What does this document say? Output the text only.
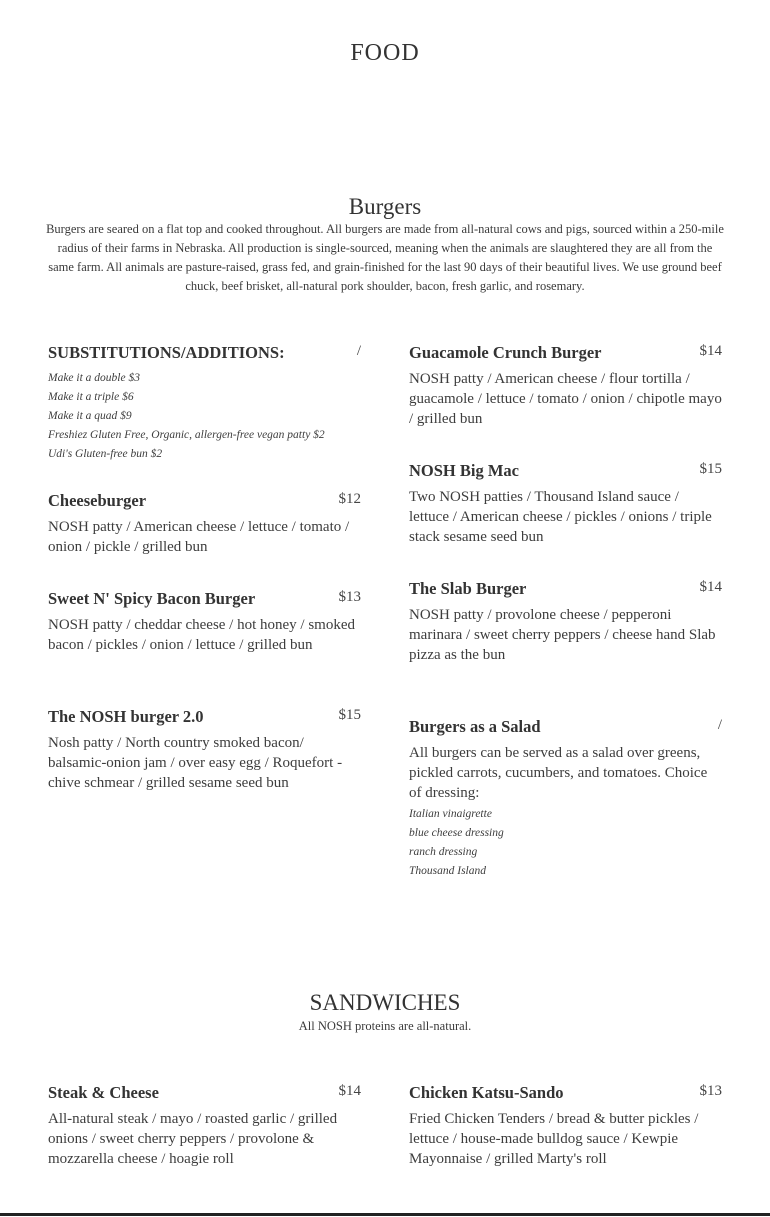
FOOD
Burgers
Burgers are seared on a flat top and cooked throughout. All burgers are made from all-natural cows and pigs, sourced within a 250-mile radius of their farms in Nebraska. All production is single-sourced, meaning when the animals are slaughtered they are all from the same farm. All animals are pasture-raised, grass fed, and grain-finished for the last 90 days of their beautiful lives. We use ground beef chuck, beef brisket, all-natural pork shoulder, bacon, fresh garlic, and rosemary.
SUBSTITUTIONS/ADDITIONS:	/
Make it a double $3
Make it a triple $6
Make it a quad $9
Freshiez Gluten Free, Organic, allergen-free vegan patty $2
Udi's Gluten-free bun $2
Cheeseburger	$12
NOSH patty / American cheese / lettuce / tomato / onion / pickle / grilled bun
Sweet N' Spicy Bacon Burger	$13
NOSH patty / cheddar cheese / hot honey / smoked bacon / pickles / onion / lettuce / grilled bun
The NOSH burger 2.0	$15
Nosh patty / North country smoked bacon/ balsamic-onion jam / over easy egg / Roquefort - chive schmear / grilled sesame seed bun
Guacamole Crunch Burger	$14
NOSH patty / American cheese / flour tortilla / guacamole / lettuce / tomato / onion / chipotle mayo / grilled bun
NOSH Big Mac	$15
Two NOSH patties / Thousand Island sauce / lettuce / American cheese / pickles / onions / triple stack sesame seed bun
The Slab Burger	$14
NOSH patty / provolone cheese / pepperoni marinara / sweet cherry peppers / cheese hand Slab pizza as the bun
Burgers as a Salad	/
All burgers can be served as a salad over greens, pickled carrots, cucumbers, and tomatoes. Choice of dressing:
Italian vinaigrette
blue cheese dressing
ranch dressing
Thousand Island
SANDWICHES
All NOSH proteins are all-natural.
Steak & Cheese	$14
All-natural steak / mayo / roasted garlic / grilled onions / sweet cherry peppers / provolone & mozzarella cheese / hoagie roll
Chicken Katsu-Sando	$13
Fried Chicken Tenders / bread & butter pickles / lettuce / house-made bulldog sauce / Kewpie Mayonnaise / grilled Marty's roll
